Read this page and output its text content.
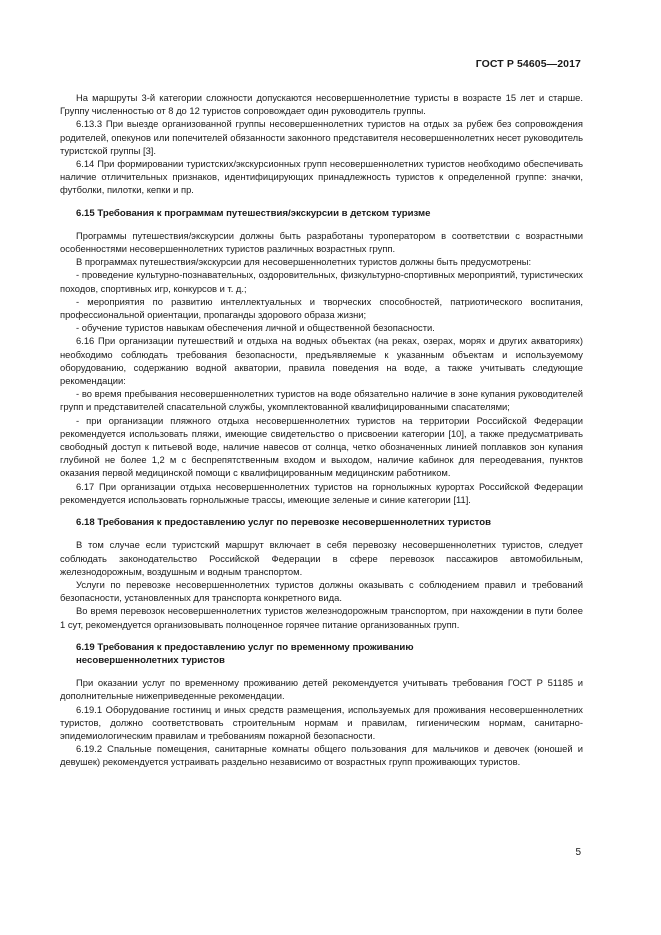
ГОСТ Р 54605—2017

На маршруты 3-й категории сложности допускаются несовершеннолетние туристы в возрасте 15 лет и старше. Группу численностью от 8 до 12 туристов сопровождает один руководитель группы.

6.13.3 При выезде организованной группы несовершеннолетних туристов на отдых за рубеж без сопровождения родителей, опекунов или попечителей обязанности законного представителя несовершеннолетних несет руководитель туристской группы [3].

6.14 При формировании туристских/экскурсионных групп несовершеннолетних туристов необходимо обеспечивать наличие отличительных признаков, идентифицирующих принадлежность туристов к определенной группе: значки, футболки, пилотки, кепки и пр.

6.15 Требования к программам путешествия/экскурсии в детском туризме

Программы путешествия/экскурсии должны быть разработаны туроператором в соответствии с возрастными особенностями несовершеннолетних туристов различных возрастных групп.

В программах путешествия/экскурсии для несовершеннолетних туристов должны быть предусмотрены:

- проведение культурно-познавательных, оздоровительных, физкультурно-спортивных мероприятий, туристических походов, спортивных игр, конкурсов и т. д.;

- мероприятия по развитию интеллектуальных и творческих способностей, патриотического воспитания, профессиональной ориентации, пропаганды здорового образа жизни;

- обучение туристов навыкам обеспечения личной и общественной безопасности.

6.16 При организации путешествий и отдыха на водных объектах (на реках, озерах, морях и других акваториях) необходимо соблюдать требования безопасности, предъявляемые к указанным объектам и используемому оборудованию, содержанию водной акватории, правила поведения на воде, а также учитывать следующие рекомендации:

- во время пребывания несовершеннолетних туристов на воде обязательно наличие в зоне купания руководителей групп и представителей спасательной службы, укомплектованной квалифицированными спасателями;

- при организации пляжного отдыха несовершеннолетних туристов на территории Российской Федерации рекомендуется использовать пляжи, имеющие свидетельство о присвоении категории [10], а также предусматривать свободный доступ к питьевой воде, наличие навесов от солнца, четко обозначенных линией поплавков зон купания глубиной не более 1,2 м с беспрепятственным входом и выходом, наличие кабинок для переодевания, пунктов оказания первой медицинской помощи с квалифицированным медицинским работником.

6.17 При организации отдыха несовершеннолетних туристов на горнолыжных курортах Российской Федерации рекомендуется использовать горнолыжные трассы, имеющие зеленые и синие категории [11].

6.18 Требования к предоставлению услуг по перевозке несовершеннолетних туристов

В том случае если туристский маршрут включает в себя перевозку несовершеннолетних туристов, следует соблюдать законодательство Российской Федерации в сфере перевозок пассажиров автомобильным, железнодорожным, воздушным и водным транспортом.

Услуги по перевозке несовершеннолетних туристов должны оказывать с соблюдением правил и требований безопасности, установленных для транспорта конкретного вида.

Во время перевозок несовершеннолетних туристов железнодорожным транспортом, при нахождении в пути более 1 сут, рекомендуется организовывать полноценное горячее питание организованных групп.

6.19 Требования к предоставлению услуг по временному проживанию
несовершеннолетних туристов

При оказании услуг по временному проживанию детей рекомендуется учитывать требования ГОСТ Р 51185 и дополнительные нижеприведенные рекомендации.

6.19.1 Оборудование гостиниц и иных средств размещения, используемых для проживания несовершеннолетних туристов, должно соответствовать строительным нормам и правилам, гигиеническим нормам, санитарно-эпидемиологическим правилам и требованиям пожарной безопасности.

6.19.2 Спальные помещения, санитарные комнаты общего пользования для мальчиков и девочек (юношей и девушек) рекомендуется устраивать раздельно независимо от возрастных групп проживающих туристов.

5
